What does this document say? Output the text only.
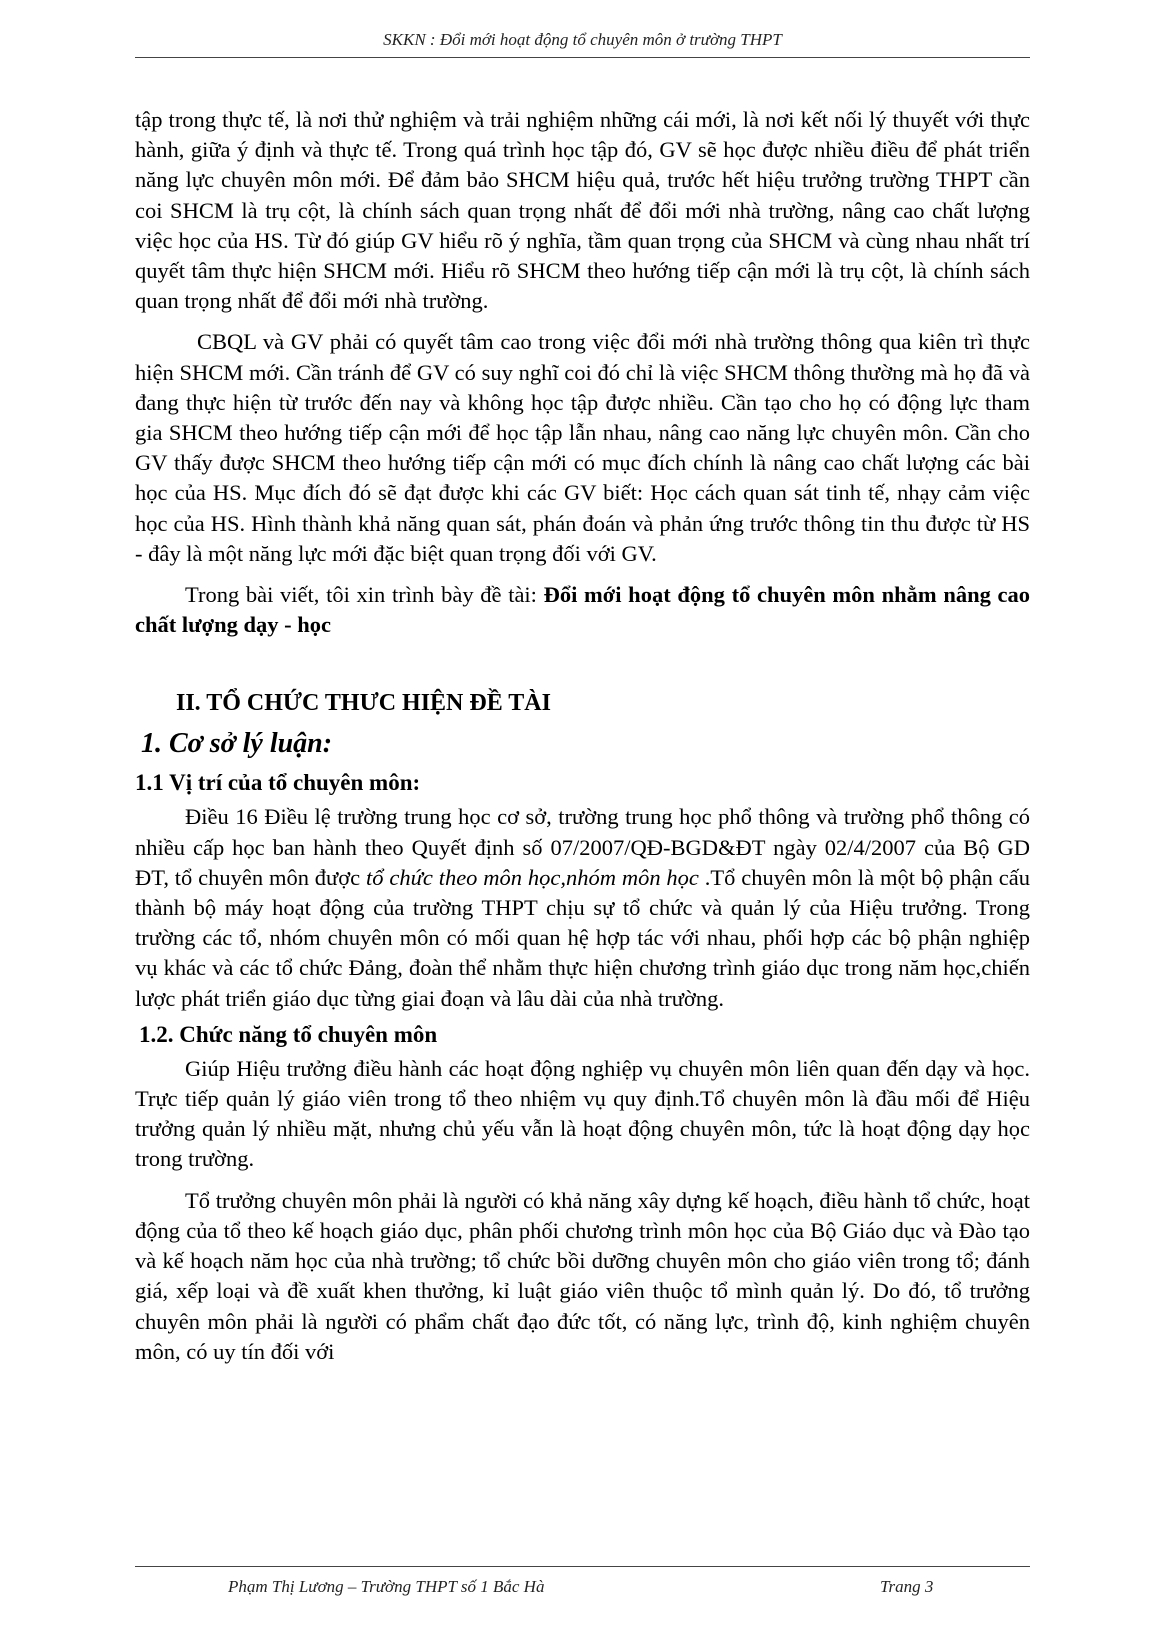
SKKN : Đổi mới hoạt động tổ chuyên môn ở trường THPT

tập trong thực tế, là nơi thử nghiệm và trải nghiệm những cái mới, là nơi kết nối lý thuyết với thực hành, giữa ý định và thực tế. Trong quá trình học tập đó, GV sẽ học được nhiều điều để phát triển năng lực chuyên môn mới. Để đảm bảo SHCM hiệu quả, trước hết hiệu trưởng trường THPT cần coi SHCM là trụ cột, là chính sách quan trọng nhất để đổi mới nhà trường, nâng cao chất lượng việc học của HS. Từ đó giúp GV hiểu rõ ý nghĩa, tầm quan trọng của SHCM và cùng nhau nhất trí quyết tâm thực hiện SHCM mới. Hiểu rõ SHCM theo hướng tiếp cận mới là trụ cột, là chính sách quan trọng nhất để đổi mới nhà trường.

CBQL và GV phải có quyết tâm cao trong việc đổi mới nhà trường thông qua kiên trì thực hiện SHCM mới. Cần tránh để GV có suy nghĩ coi đó chỉ là việc SHCM thông thường mà họ đã và đang thực hiện từ trước đến nay và không học tập được nhiều. Cần tạo cho họ có động lực tham gia SHCM theo hướng tiếp cận mới để học tập lẫn nhau, nâng cao năng lực chuyên môn. Cần cho GV thấy được SHCM theo hướng tiếp cận mới có mục đích chính là nâng cao chất lượng các bài học của HS. Mục đích đó sẽ đạt được khi các GV biết: Học cách quan sát tinh tế, nhạy cảm việc học của HS. Hình thành khả năng quan sát, phán đoán và phản ứng trước thông tin thu được từ HS - đây là một năng lực mới đặc biệt quan trọng đối với GV.

Trong bài viết, tôi xin trình bày đề tài: Đổi mới hoạt động tổ chuyên môn nhằm nâng cao chất lượng dạy - học

II. TỔ CHỨC THƯC HIỆN ĐỀ TÀI
1. Cơ sở lý luận:
1.1 Vị trí của tổ chuyên môn:

Điều 16 Điều lệ trường trung học cơ sở, trường trung học phổ thông và trường phổ thông có nhiều cấp học ban hành theo Quyết định số 07/2007/QĐ-BGD&ĐT ngày 02/4/2007 của Bộ GD ĐT, tổ chuyên môn được tổ chức theo môn học,nhóm môn học .Tổ chuyên môn là một bộ phận cấu thành bộ máy hoạt động của trường THPT chịu sự tổ chức và quản lý của Hiệu trưởng. Trong trường các tổ, nhóm chuyên môn có mối quan hệ hợp tác với nhau, phối hợp các bộ phận nghiệp vụ khác và các tổ chức Đảng, đoàn thể nhằm thực hiện chương trình giáo dục trong năm học,chiến lược phát triển giáo dục từng giai đoạn và lâu dài của nhà trường.

1.2. Chức năng tổ chuyên môn

Giúp Hiệu trưởng điều hành các hoạt động nghiệp vụ chuyên môn liên quan đến dạy và học. Trực tiếp quản lý giáo viên trong tổ theo nhiệm vụ quy định.Tổ chuyên môn là đầu mối để Hiệu trưởng quản lý nhiều mặt, nhưng chủ yếu vẫn là hoạt động chuyên môn, tức là hoạt động dạy học trong trường.

Tổ trưởng chuyên môn phải là người có khả năng xây dựng kế hoạch, điều hành tổ chức, hoạt động của tổ theo kế hoạch giáo dục, phân phối chương trình môn học của Bộ Giáo dục và Đào tạo và kế hoạch năm học của nhà trường; tổ chức bồi dưỡng chuyên môn cho giáo viên trong tổ; đánh giá, xếp loại và đề xuất khen thưởng, kỉ luật giáo viên thuộc tổ mình quản lý. Do đó, tổ trưởng chuyên môn phải là người có phẩm chất đạo đức tốt, có năng lực, trình độ, kinh nghiệm chuyên môn, có uy tín đối với

Phạm Thị Lương – Trường THPT số 1 Bắc Hà	Trang 3
